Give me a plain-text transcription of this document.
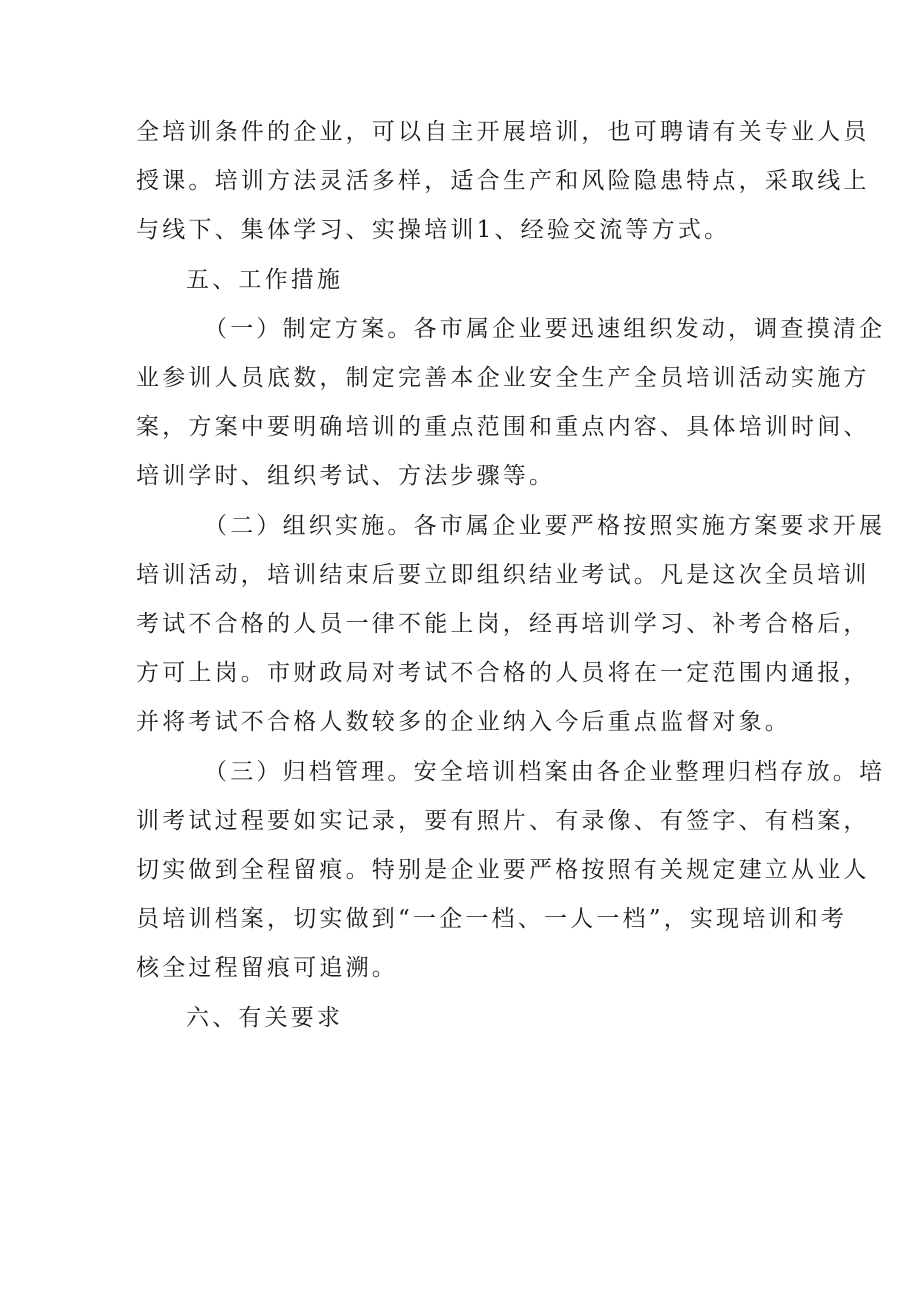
全培训条件的企业，可以自主开展培训，也可聘请有关专业人员
授课。培训方法灵活多样，适合生产和风险隐患特点，采取线上
与线下、集体学习、实操培训1、经验交流等方式。
五、工作措施
（一）制定方案。各市属企业要迅速组织发动，调查摸清企
业参训人员底数，制定完善本企业安全生产全员培训活动实施方
案，方案中要明确培训的重点范围和重点内容、具体培训时间、
培训学时、组织考试、方法步骤等。
（二）组织实施。各市属企业要严格按照实施方案要求开展
培训活动，培训结束后要立即组织结业考试。凡是这次全员培训
考试不合格的人员一律不能上岗，经再培训学习、补考合格后，
方可上岗。市财政局对考试不合格的人员将在一定范围内通报，
并将考试不合格人数较多的企业纳入今后重点监督对象。
（三）归档管理。安全培训档案由各企业整理归档存放。培
训考试过程要如实记录，要有照片、有录像、有签字、有档案，
切实做到全程留痕。特别是企业要严格按照有关规定建立从业人
员培训档案，切实做到“一企一档、一人一档”，实现培训和考
核全过程留痕可追溯。
六、有关要求
